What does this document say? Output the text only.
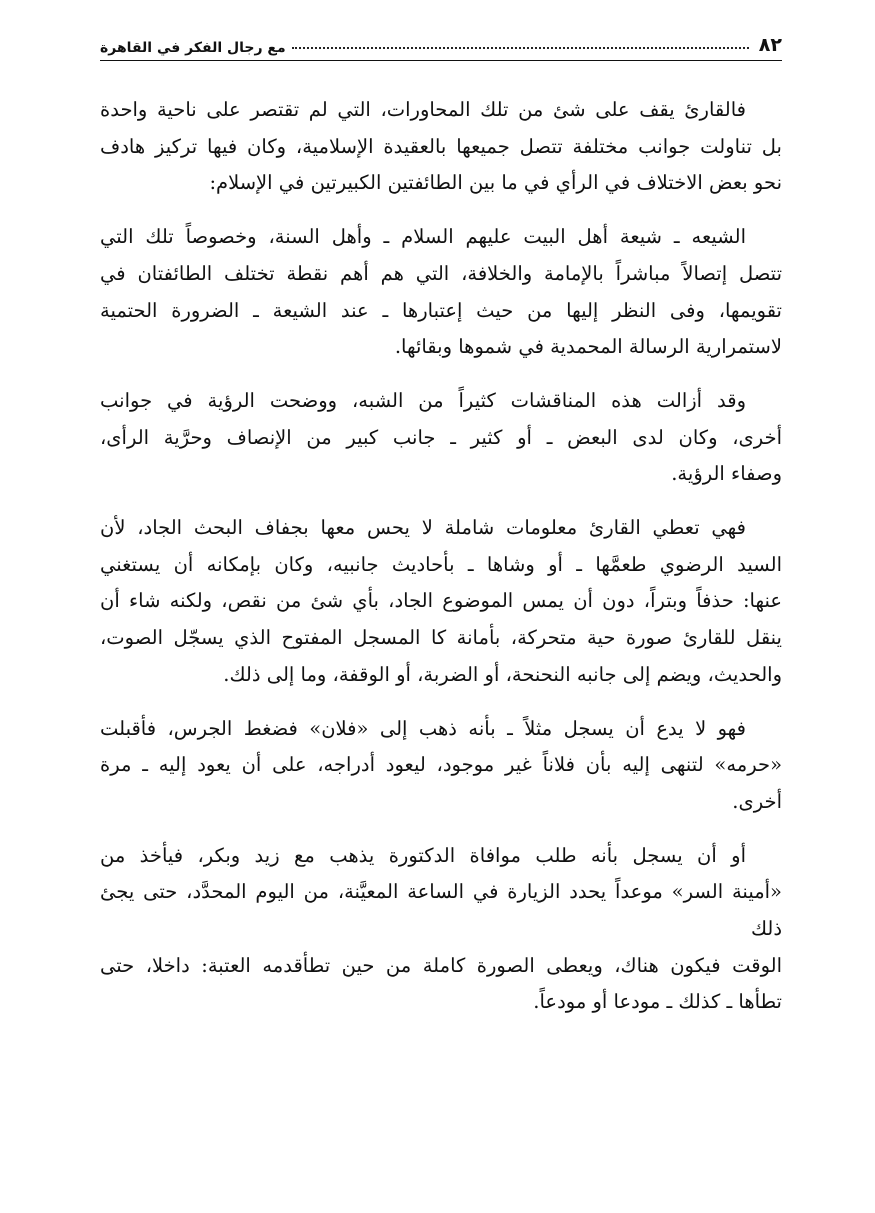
٨٢
مع رجال الفكر في القاهرة
فالقارئ يقف على شئ من تلك المحاورات، التي لم تقتصر على ناحية واحدة
بل تناولت جوانب مختلفة تتصل جميعها بالعقيدة الإسلامية، وكان فيها تركيز هادف
نحو بعض الاختلاف في الرأي في ما بين الطائفتين الكبيرتين في الإسلام:
الشيعه ـ شيعة أهل البيت عليهم السلام ـ وأهل السنة، وخصوصاً تلك التي
تتصل إتصالاً مباشراً بالإمامة والخلافة، التي هم أهم نقطة تختلف الطائفتان في
تقويمها، وفى النظر إليها من حيث إعتبارها ـ عند الشيعة ـ الضرورة الحتمية
لاستمرارية الرسالة المحمدية في شموها وبقائها.
وقد أزالت هذه المناقشات كثيراً من الشبه، ووضحت الرؤية في جوانب
أخرى، وكان لدى البعض ـ أو كثير ـ جانب كبير من الإنصاف وحرَّية الرأى،
وصفاء الرؤية.
فهي تعطي القارئ معلومات شاملة لا يحس معها بجفاف البحث الجاد، لأن
السيد الرضوي طعمَّها ـ أو وشاها ـ بأحاديث جانبيه، وكان بإمكانه أن يستغني
عنها: حذفاً وبتراً، دون أن يمس الموضوع الجاد، بأي شئ من نقص، ولكنه شاء أن
ينقل للقارئ صورة حية متحركة، بأمانة كا المسجل المفتوح الذي يسجّل الصوت،
والحديث، ويضم إلى جانبه النحنحة، أو الضربة، أو الوقفة، وما إلى ذلك.
فهو لا يدع أن يسجل مثلاً ـ بأنه ذهب إلى «فلان» فضغط الجرس، فأقبلت
«حرمه» لتنهى إليه بأن فلاناً غير موجود، ليعود أدراجه، على أن يعود إليه ـ مرة
أخرى.
أو أن يسجل بأنه طلب موافاة الدكتورة يذهب مع زيد وبكر، فيأخذ من
«أمينة السر» موعداً يحدد الزيارة في الساعة المعيَّنة، من اليوم المحدَّد، حتى يجئ ذلك
الوقت فيكون هناك، ويعطى الصورة كاملة من حين تطأقدمه العتبة: داخلا، حتى
تطأها ـ كذلك ـ مودعا أو مودعاً.
